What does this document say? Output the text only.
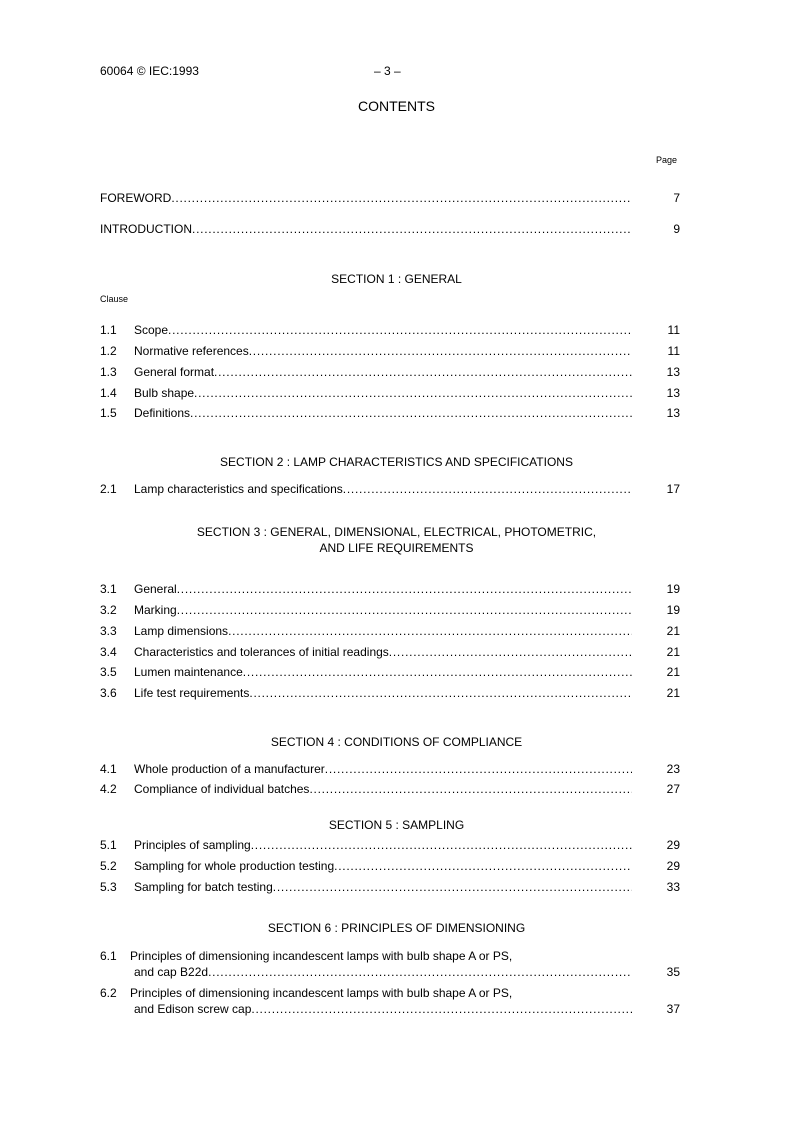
60064 © IEC:1993	– 3 –
CONTENTS
Page
FOREWORD . . .	7
INTRODUCTION . . .	9
SECTION 1 : GENERAL
Clause
1.1 Scope . . .	11
1.2 Normative references . . .	11
1.3 General format . . .	13
1.4 Bulb shape . . .	13
1.5 Definitions . . .	13
SECTION 2 : LAMP CHARACTERISTICS AND SPECIFICATIONS
2.1 Lamp characteristics and specifications . . .	17
SECTION 3 : GENERAL, DIMENSIONAL, ELECTRICAL, PHOTOMETRIC,
AND LIFE REQUIREMENTS
3.1 General . . .	19
3.2 Marking . . .	19
3.3 Lamp dimensions . . .	21
3.4 Characteristics and tolerances of initial readings . . .	21
3.5 Lumen maintenance . . .	21
3.6 Life test requirements . . .	21
SECTION 4 : CONDITIONS OF COMPLIANCE
4.1 Whole production of a manufacturer . . .	23
4.2 Compliance of individual batches . . .	27
SECTION 5 : SAMPLING
5.1 Principles of sampling . . .	29
5.2 Sampling for whole production testing . . .	29
5.3 Sampling for batch testing . . .	33
SECTION 6 : PRINCIPLES OF DIMENSIONING
6.1 Principles of dimensioning incandescent lamps with bulb shape A or PS,
and cap B22d . . .	35
6.2 Principles of dimensioning incandescent lamps with bulb shape A or PS,
and Edison screw cap . . .	37
